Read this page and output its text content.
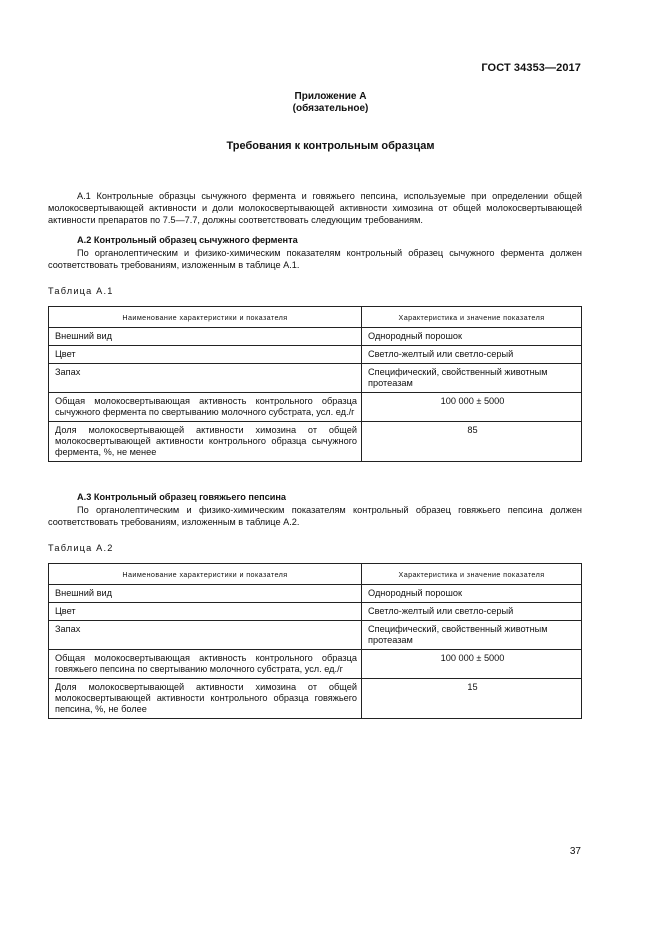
ГОСТ 34353—2017
Приложение А
(обязательное)
Требования к контрольным образцам
А.1 Контрольные образцы сычужного фермента и говяжьего пепсина, используемые при определении общей молокосвертывающей активности и доли молокосвертывающей активности химозина от общей молокосвертывающей активности препаратов по 7.5—7.7, должны соответствовать следующим требованиям.
А.2 Контрольный образец сычужного фермента
По органолептическим и физико-химическим показателям контрольный образец сычужного фермента должен соответствовать требованиям, изложенным в таблице А.1.
Таблица А.1
Наименование характеристики и показателя	Характеристика и значение показателя
Внешний вид	Однородный порошок
Цвет	Светло-желтый или светло-серый
Запах	Специфический, свойственный животным протеазам
Общая молокосвертывающая активность контрольного образца сычужного фермента по свертыванию молочного субстрата, усл. ед./г	100 000 ± 5000
Доля молокосвертывающей активности химозина от общей молокосвертывающей активности контрольного образца сычужного фермента, %, не менее	85
А.3 Контрольный образец говяжьего пепсина
По органолептическим и физико-химическим показателям контрольный образец говяжьего пепсина должен соответствовать требованиям, изложенным в таблице А.2.
Таблица А.2
Наименование характеристики и показателя	Характеристика и значение показателя
Внешний вид	Однородный порошок
Цвет	Светло-желтый или светло-серый
Запах	Специфический, свойственный животным протеазам
Общая молокосвертывающая активность контрольного образца говяжьего пепсина по свертыванию молочного субстрата, усл. ед./г	100 000 ± 5000
Доля молокосвертывающей активности химозина от общей молокосвертывающей активности контрольного образца говяжьего пепсина, %, не более	15
37
